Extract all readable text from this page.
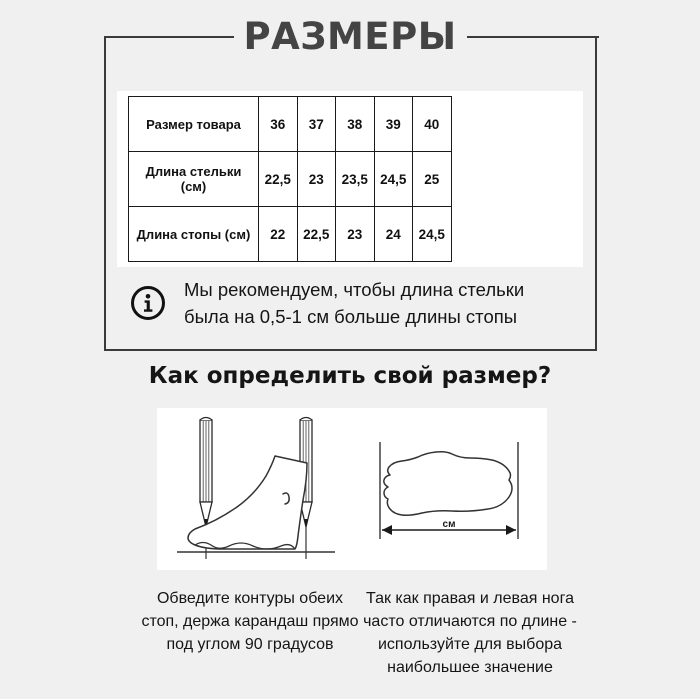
РАЗМЕРЫ
Размер товара	36	37	38	39	40
Длина стельки (см)	22,5	23	23,5	24,5	25
Длина стопы (см)	22	22,5	23	24	24,5
Мы рекомендуем, чтобы длина стельки
была на 0,5-1 см больше длины стопы
Как определить свой размер?
см
Обведите контуры обеих стоп, держа карандаш прямо под углом 90 градусов
Так как правая и левая нога часто отличаются по длине - используйте для выбора наибольшее значение
